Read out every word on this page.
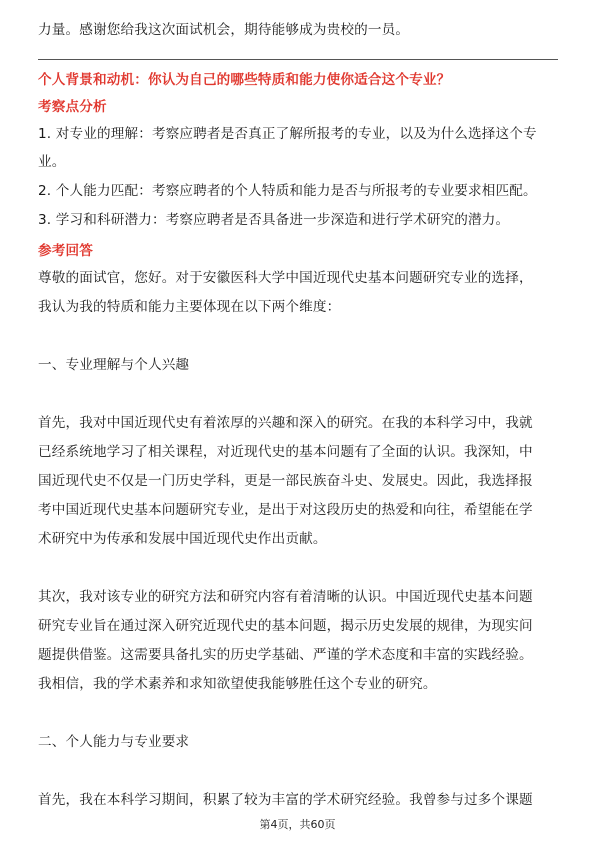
力量。感谢您给我这次面试机会，期待能够成为贵校的一员。
个人背景和动机：你认为自己的哪些特质和能力使你适合这个专业？
考察点分析
1. 对专业的理解：考察应聘者是否真正了解所报考的专业，以及为什么选择这个专
业。
2. 个人能力匹配：考察应聘者的个人特质和能力是否与所报考的专业要求相匹配。
3. 学习和科研潜力：考察应聘者是否具备进一步深造和进行学术研究的潜力。
参考回答
尊敬的面试官，您好。对于安徽医科大学中国近现代史基本问题研究专业的选择，
我认为我的特质和能力主要体现在以下两个维度：
一、专业理解与个人兴趣
首先，我对中国近现代史有着浓厚的兴趣和深入的研究。在我的本科学习中，我就
已经系统地学习了相关课程，对近现代史的基本问题有了全面的认识。我深知，中
国近现代史不仅是一门历史学科，更是一部民族奋斗史、发展史。因此，我选择报
考中国近现代史基本问题研究专业，是出于对这段历史的热爱和向往，希望能在学
术研究中为传承和发展中国近现代史作出贡献。
其次，我对该专业的研究方法和研究内容有着清晰的认识。中国近现代史基本问题
研究专业旨在通过深入研究近现代史的基本问题，揭示历史发展的规律，为现实问
题提供借鉴。这需要具备扎实的历史学基础、严谨的学术态度和丰富的实践经验。
我相信，我的学术素养和求知欲望使我能够胜任这个专业的研究。
二、个人能力与专业要求
首先，我在本科学习期间，积累了较为丰富的学术研究经验。我曾参与过多个课题
第4页，共60页
